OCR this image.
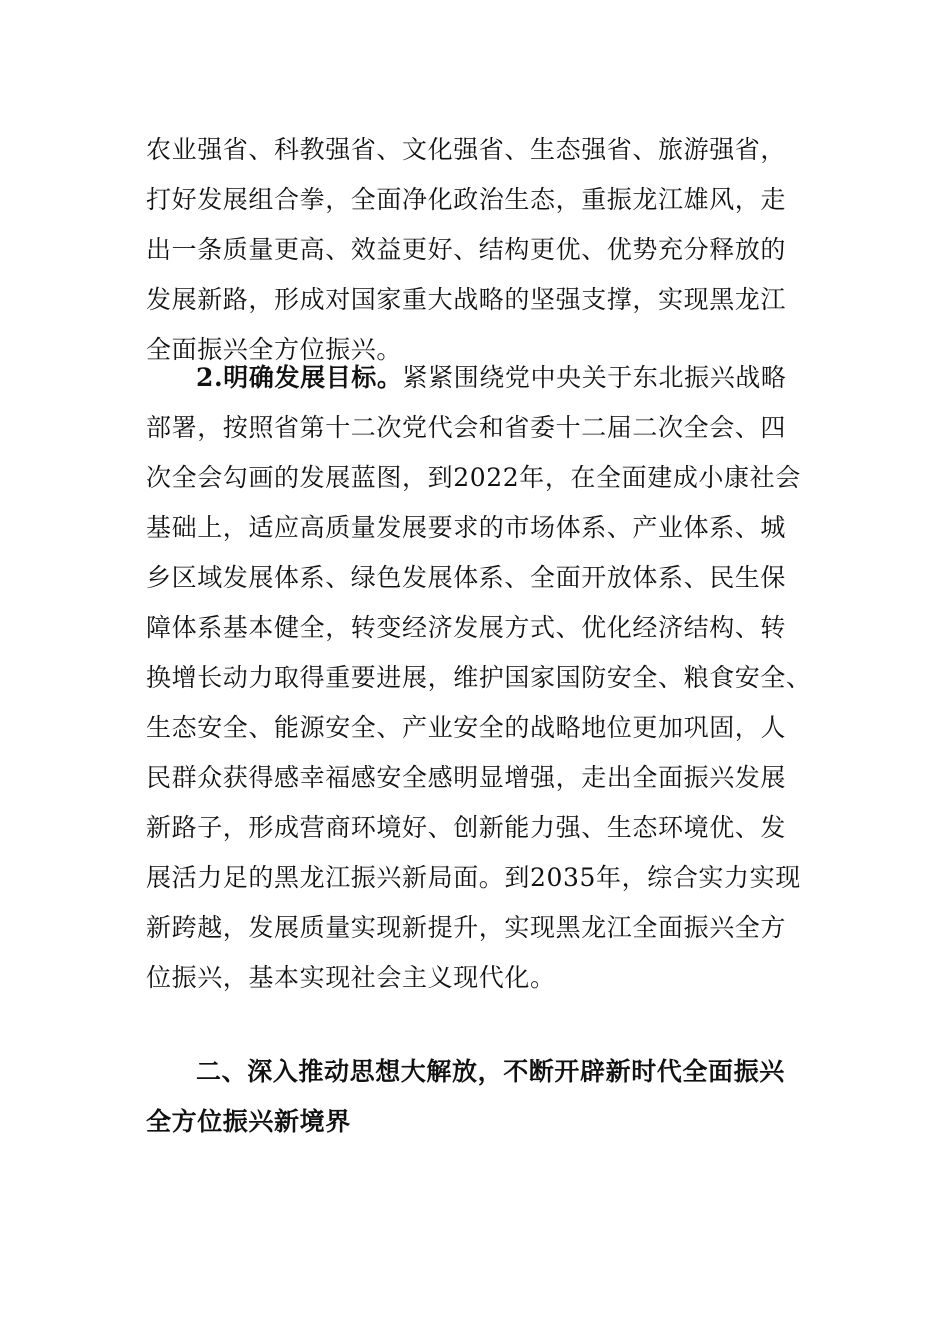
农业强省、科教强省、文化强省、生态强省、旅游强省，
打好发展组合拳，全面净化政治生态，重振龙江雄风，走
出一条质量更高、效益更好、结构更优、优势充分释放的
发展新路，形成对国家重大战略的坚强支撑，实现黑龙江
全面振兴全方位振兴。
2.明确发展目标。紧紧围绕党中央关于东北振兴战略
部署，按照省第十二次党代会和省委十二届二次全会、四
次全会勾画的发展蓝图，到2022年，在全面建成小康社会
基础上，适应高质量发展要求的市场体系、产业体系、城
乡区域发展体系、绿色发展体系、全面开放体系、民生保
障体系基本健全，转变经济发展方式、优化经济结构、转
换增长动力取得重要进展，维护国家国防安全、粮食安全、
生态安全、能源安全、产业安全的战略地位更加巩固，人
民群众获得感幸福感安全感明显增强，走出全面振兴发展
新路子，形成营商环境好、创新能力强、生态环境优、发
展活力足的黑龙江振兴新局面。到2035年，综合实力实现
新跨越，发展质量实现新提升，实现黑龙江全面振兴全方
位振兴，基本实现社会主义现代化。
二、深入推动思想大解放，不断开辟新时代全面振兴
全方位振兴新境界
